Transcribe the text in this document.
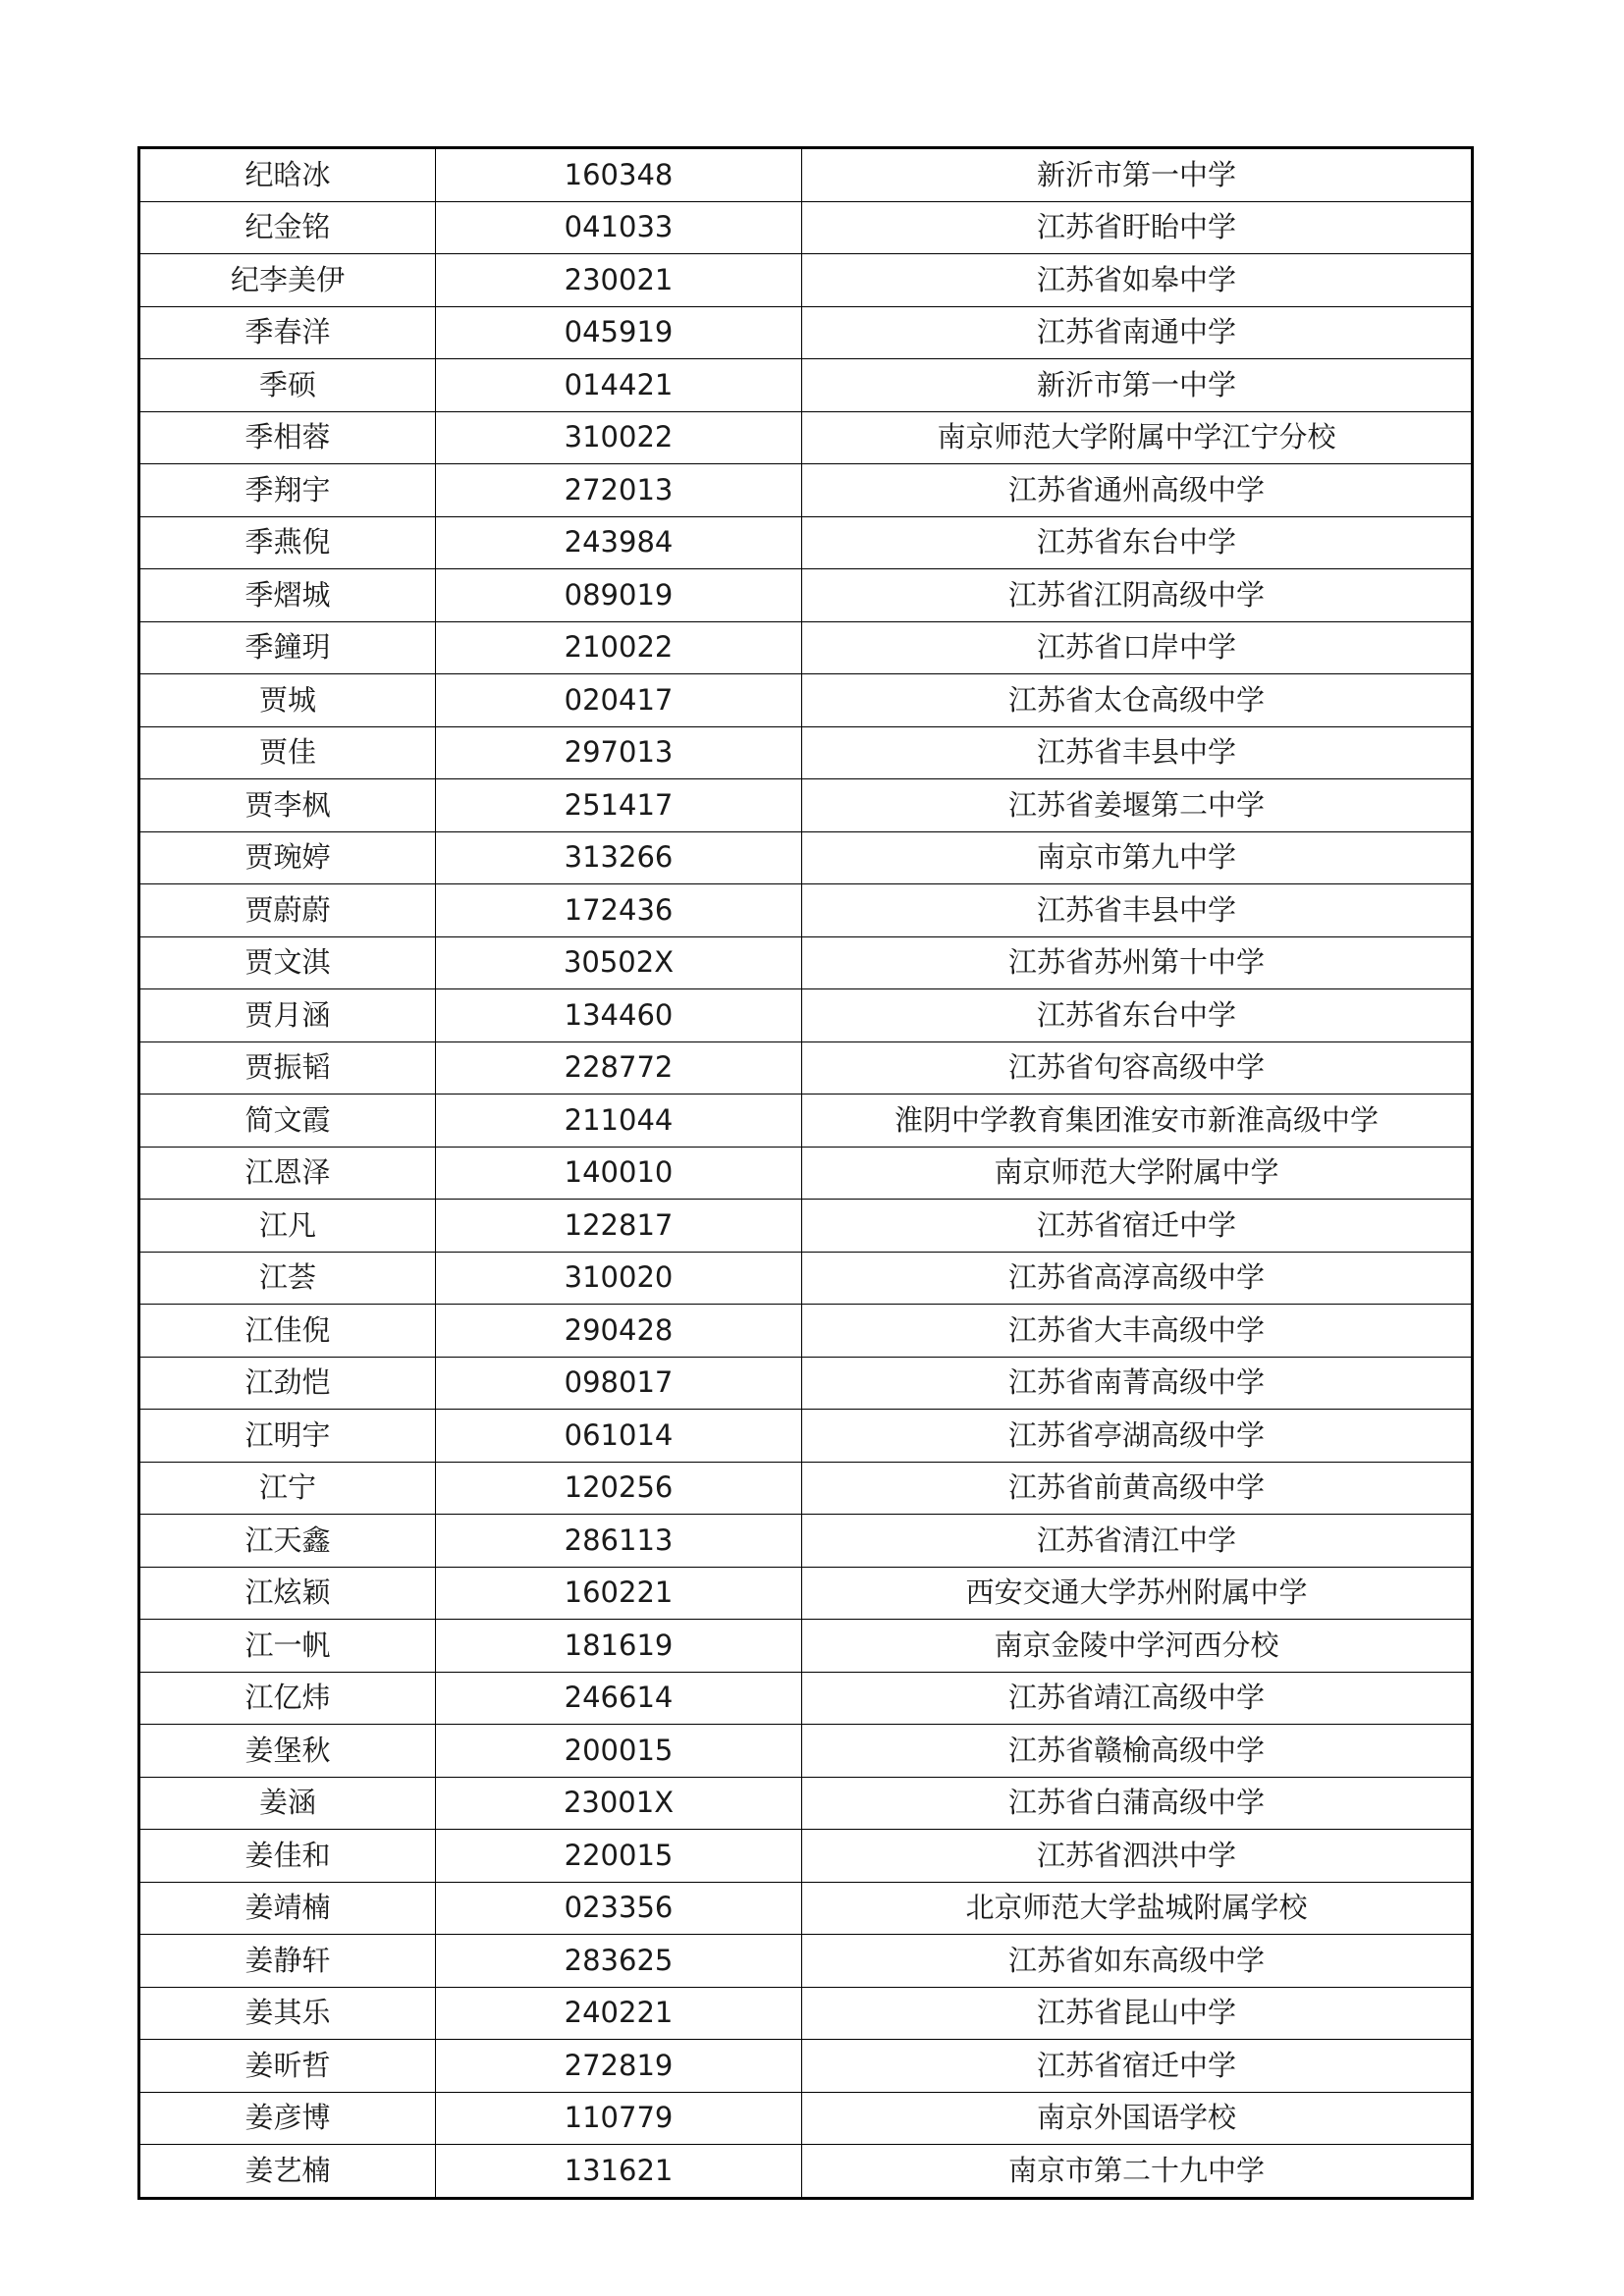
纪晗冰	160348	新沂市第一中学
纪金铭	041033	江苏省盱眙中学
纪李美伊	230021	江苏省如皋中学
季春洋	045919	江苏省南通中学
季硕	014421	新沂市第一中学
季相蓉	310022	南京师范大学附属中学江宁分校
季翔宇	272013	江苏省通州高级中学
季燕倪	243984	江苏省东台中学
季熠城	089019	江苏省江阴高级中学
季鐘玥	210022	江苏省口岸中学
贾城	020417	江苏省太仓高级中学
贾佳	297013	江苏省丰县中学
贾李枫	251417	江苏省姜堰第二中学
贾琬婷	313266	南京市第九中学
贾蔚蔚	172436	江苏省丰县中学
贾文淇	30502X	江苏省苏州第十中学
贾月涵	134460	江苏省东台中学
贾振韬	228772	江苏省句容高级中学
简文霞	211044	淮阴中学教育集团淮安市新淮高级中学
江恩泽	140010	南京师范大学附属中学
江凡	122817	江苏省宿迁中学
江荟	310020	江苏省高淳高级中学
江佳倪	290428	江苏省大丰高级中学
江劲恺	098017	江苏省南菁高级中学
江明宇	061014	江苏省亭湖高级中学
江宁	120256	江苏省前黄高级中学
江天鑫	286113	江苏省清江中学
江炫颖	160221	西安交通大学苏州附属中学
江一帆	181619	南京金陵中学河西分校
江亿炜	246614	江苏省靖江高级中学
姜堡秋	200015	江苏省赣榆高级中学
姜涵	23001X	江苏省白蒲高级中学
姜佳和	220015	江苏省泗洪中学
姜靖楠	023356	北京师范大学盐城附属学校
姜静轩	283625	江苏省如东高级中学
姜其乐	240221	江苏省昆山中学
姜昕哲	272819	江苏省宿迁中学
姜彦博	110779	南京外国语学校
姜艺楠	131621	南京市第二十九中学
